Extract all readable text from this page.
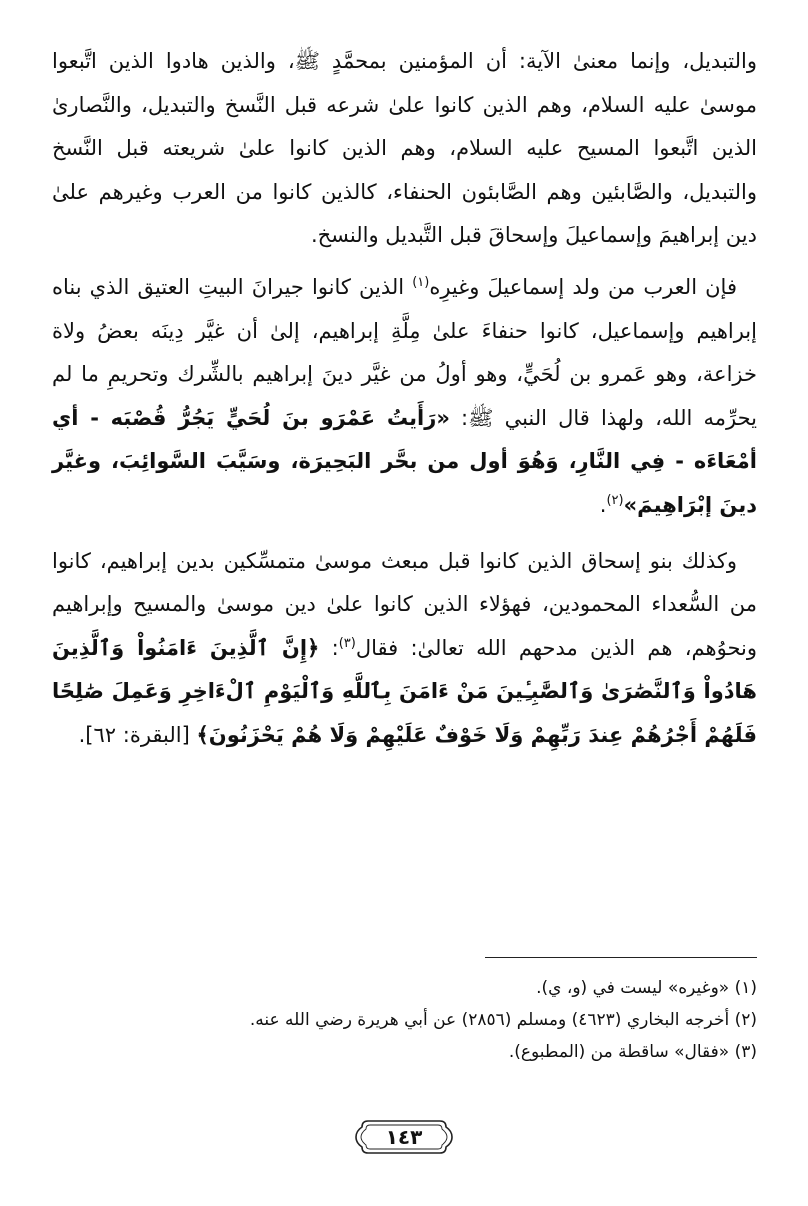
والتبديل، وإنما معنىٰ الآية: أن المؤمنين بمحمَّدٍ ﷺ، والذين هادوا الذين اتَّبعوا موسىٰ عليه السلام، وهم الذين كانوا علىٰ شرعه قبل النَّسخ والتبديل، والنَّصارىٰ الذين اتَّبعوا المسيح عليه السلام، وهم الذين كانوا علىٰ شريعته قبل النَّسخ والتبديل، والصَّابئين وهم الصَّابئون الحنفاء، كالذين كانوا من العرب وغيرهم علىٰ دين إبراهيمَ وإسماعيلَ وإسحاقَ قبل التَّبديل والنسخ.

فإن العرب من ولد إسماعيلَ وغيرِه$^{(١)}$ الذين كانوا جيرانَ البيتِ العتيق الذي بناه إبراهيم وإسماعيل، كانوا حنفاءَ علىٰ مِلَّةِ إبراهيم، إلىٰ أن غيَّر دِينَه بعضُ ولاة خزاعة، وهو عَمرو بن لُحَيٍّ، وهو أولُ من غيَّر دينَ إبراهيم بالشِّرك وتحريمِ ما لم يحرِّمه الله، ولهذا قال النبي ﷺ: «رَأَيتُ عَمْرَو بنَ لُحَيٍّ يَجُرُّ قُصْبَه - أي أمْعَاءَه - فِي النَّارِ، وَهُوَ أول من بحَّر البَحِيرَة، وسَيَّبَ السَّوائِبَ، وغيَّر دينَ إبْرَاهِيمَ»$^{(٢)}$.

وكذلك بنو إسحاق الذين كانوا قبل مبعث موسىٰ متمسِّكين بدين إبراهيم، كانوا من السُّعداء المحمودين، فهؤلاء الذين كانوا علىٰ دين موسىٰ والمسيح وإبراهيم ونحوُهم، هم الذين مدحهم الله تعالىٰ: فقال$^{(٣)}$: ﴿إِنَّ ٱلَّذِينَ ءَامَنُواْ وَٱلَّذِينَ هَادُواْ وَٱلنَّصَٰرَىٰ وَٱلصَّٰبِـِٔينَ مَنْ ءَامَنَ بِٱللَّهِ وَٱلْيَوْمِ ٱلْءَاخِرِ وَعَمِلَ صَٰلِحًا فَلَهُمْ أَجْرُهُمْ عِندَ رَبِّهِمْ وَلَا خَوْفٌ عَلَيْهِمْ وَلَا هُمْ يَحْزَنُونَ﴾ [البقرة: ٦٢].

(١) «وغيره» ليست في (و، ي).

(٢) أخرجه البخاري (٤٦٢٣) ومسلم (٢٨٥٦) عن أبي هريرة رضي الله عنه.

(٣) «فقال» ساقطة من (المطبوع).

١٤٣
